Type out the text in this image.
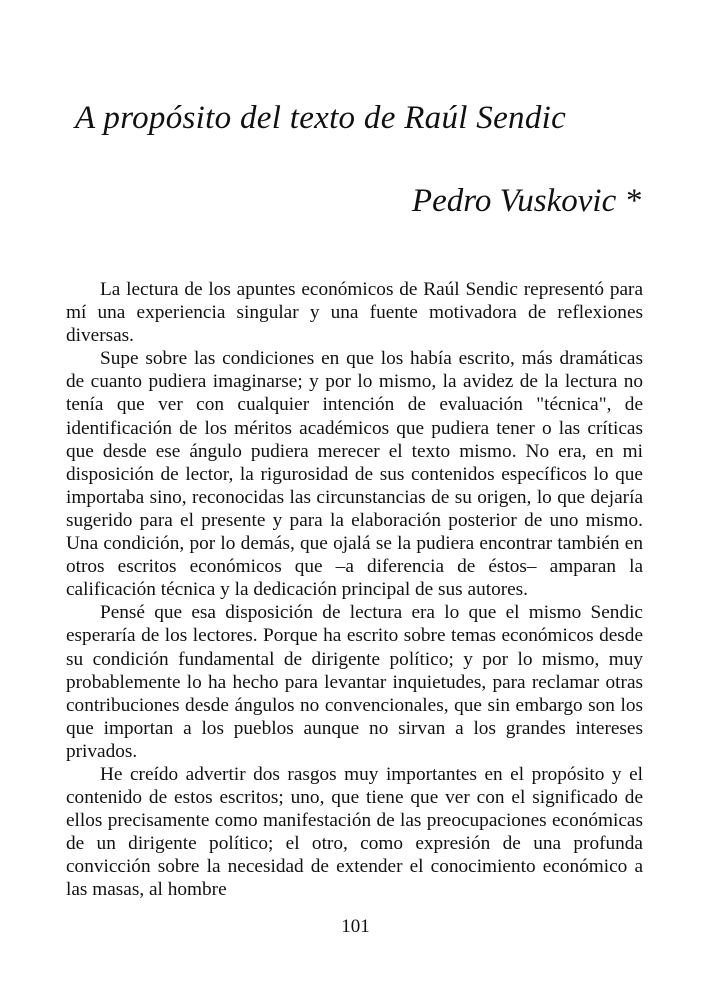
A propósito del texto de Raúl Sendic
Pedro Vuskovic *

La lectura de los apuntes económicos de Raúl Sendic representó para mí una experiencia singular y una fuente motivadora de reflexiones diversas.

Supe sobre las condiciones en que los había escrito, más dramáticas de cuanto pudiera imaginarse; y por lo mismo, la avidez de la lectura no tenía que ver con cualquier intención de evaluación "técnica", de identificación de los méritos académicos que pudiera tener o las críticas que desde ese ángulo pudiera merecer el texto mismo. No era, en mi disposición de lector, la rigurosidad de sus contenidos específicos lo que importaba sino, reconocidas las circunstancias de su origen, lo que dejaría sugerido para el presente y para la elaboración posterior de uno mismo. Una condición, por lo demás, que ojalá se la pudiera encontrar también en otros escritos económicos que –a diferencia de éstos– amparan la calificación técnica y la dedicación principal de sus autores.

Pensé que esa disposición de lectura era lo que el mismo Sendic esperaría de los lectores. Porque ha escrito sobre temas económicos desde su condición fundamental de dirigente político; y por lo mismo, muy probablemente lo ha hecho para levantar inquietudes, para reclamar otras contribuciones desde ángulos no convencionales, que sin embargo son los que importan a los pueblos aunque no sirvan a los grandes intereses privados.

He creído advertir dos rasgos muy importantes en el propósito y el contenido de estos escritos; uno, que tiene que ver con el significado de ellos precisamente como manifestación de las preocupaciones económicas de un dirigente político; el otro, como expresión de una profunda convicción sobre la necesidad de extender el conocimiento económico a las masas, al hombre

101
